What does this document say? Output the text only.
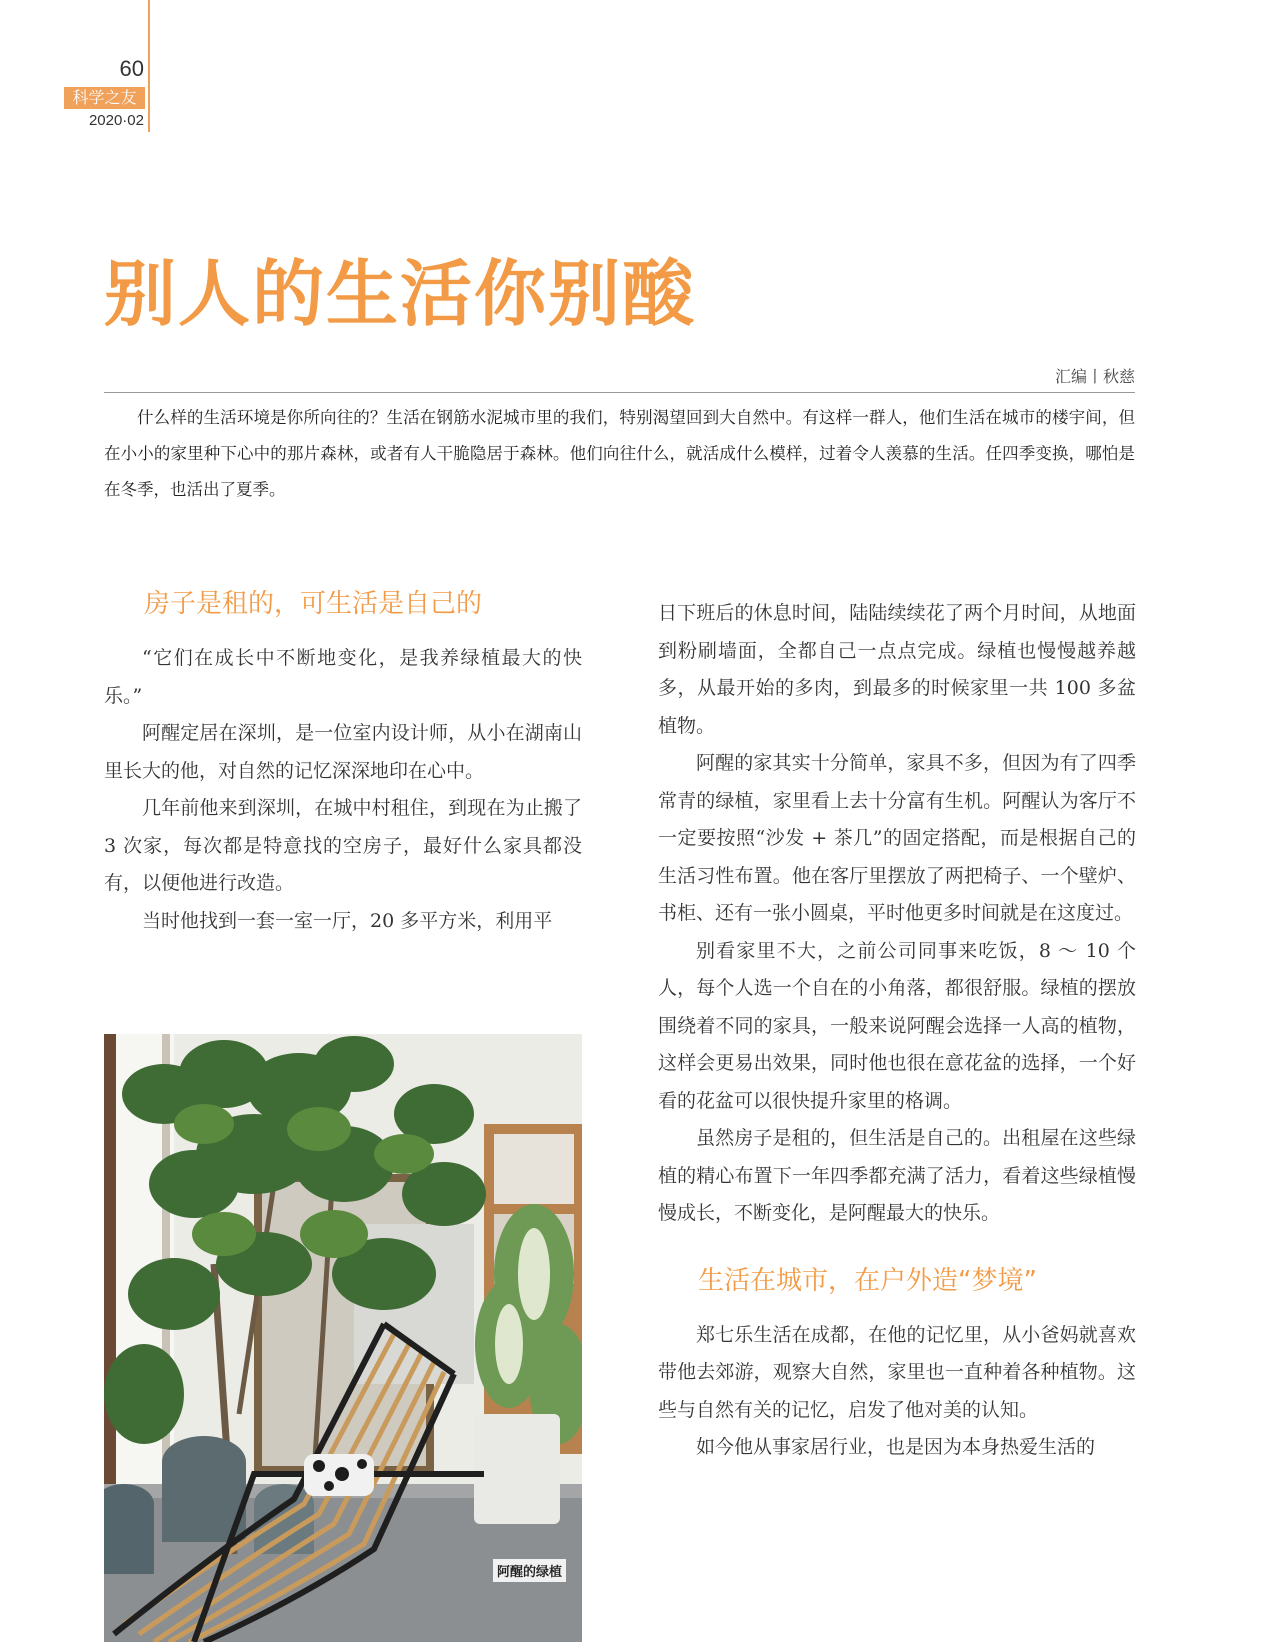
60
科学之友
2020·02
别人的生活你别酸
汇编丨秋慈

什么样的生活环境是你所向往的？生活在钢筋水泥城市里的我们，特别渴望回到大自然中。有这样一群人，他们生活在城市的楼宇间，但在小小的家里种下心中的那片森林，或者有人干脆隐居于森林。他们向往什么，就活成什么模样，过着令人羡慕的生活。任四季变换，哪怕是在冬季，也活出了夏季。

房子是租的，可生活是自己的

“它们在成长中不断地变化，是我养绿植最大的快乐。”

阿醒定居在深圳，是一位室内设计师，从小在湖南山里长大的他，对自然的记忆深深地印在心中。

几年前他来到深圳，在城中村租住，到现在为止搬了 3 次家，每次都是特意找的空房子，最好什么家具都没有，以便他进行改造。

当时他找到一套一室一厅，20 多平方米，利用平

阿醒的绿植

日下班后的休息时间，陆陆续续花了两个月时间，从地面到粉刷墙面，全都自己一点点完成。绿植也慢慢越养越多，从最开始的多肉，到最多的时候家里一共 100 多盆植物。

阿醒的家其实十分简单，家具不多，但因为有了四季常青的绿植，家里看上去十分富有生机。阿醒认为客厅不一定要按照“沙发 + 茶几”的固定搭配，而是根据自己的生活习性布置。他在客厅里摆放了两把椅子、一个壁炉、书柜、还有一张小圆桌，平时他更多时间就是在这度过。

别看家里不大，之前公司同事来吃饭，8 ～ 10 个人，每个人选一个自在的小角落，都很舒服。绿植的摆放围绕着不同的家具，一般来说阿醒会选择一人高的植物，这样会更易出效果，同时他也很在意花盆的选择，一个好看的花盆可以很快提升家里的格调。

虽然房子是租的，但生活是自己的。出租屋在这些绿植的精心布置下一年四季都充满了活力，看着这些绿植慢慢成长，不断变化，是阿醒最大的快乐。

生活在城市，在户外造“梦境”

郑七乐生活在成都，在他的记忆里，从小爸妈就喜欢带他去郊游，观察大自然，家里也一直种着各种植物。这些与自然有关的记忆，启发了他对美的认知。

如今他从事家居行业，也是因为本身热爱生活的
